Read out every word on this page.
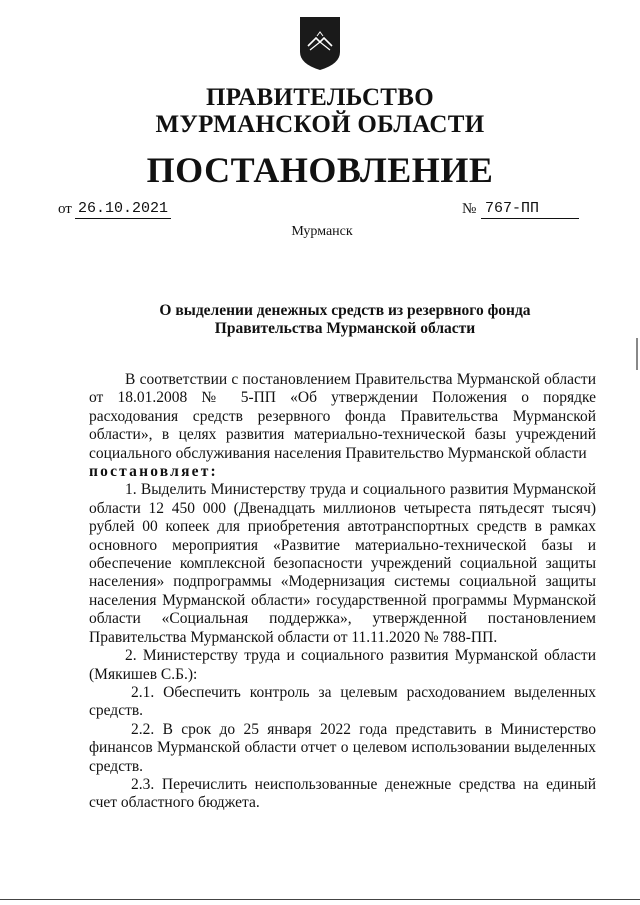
ПРАВИТЕЛЬСТВО
МУРМАНСКОЙ ОБЛАСТИ
ПОСТАНОВЛЕНИЕ
от 26.10.2021	№ 767-ПП
Мурманск
О выделении денежных средств из резервного фонда
Правительства Мурманской области

В соответствии с постановлением Правительства Мурманской области от 18.01.2008 № 5-ПП «Об утверждении Положения о порядке расходования средств резервного фонда Правительства Мурманской области», в целях развития материально-технической базы учреждений социального обслуживания населения Правительство Мурманской области

постановляет:

1. Выделить Министерству труда и социального развития Мурманской области 12 450 000 (Двенадцать миллионов четыреста пятьдесят тысяч) рублей 00 копеек для приобретения автотранспортных средств в рамках основного мероприятия «Развитие материально-технической базы и обеспечение комплексной безопасности учреждений социальной защиты населения» подпрограммы «Модернизация системы социальной защиты населения Мурманской области» государственной программы Мурманской области «Социальная поддержка», утвержденной постановлением Правительства Мурманской области от 11.11.2020 № 788-ПП.

2. Министерству труда и социального развития Мурманской области (Мякишев С.Б.):

2.1. Обеспечить контроль за целевым расходованием выделенных средств.

2.2. В срок до 25 января 2022 года представить в Министерство финансов Мурманской области отчет о целевом использовании выделенных средств.

2.3. Перечислить неиспользованные денежные средства на единый счет областного бюджета.
